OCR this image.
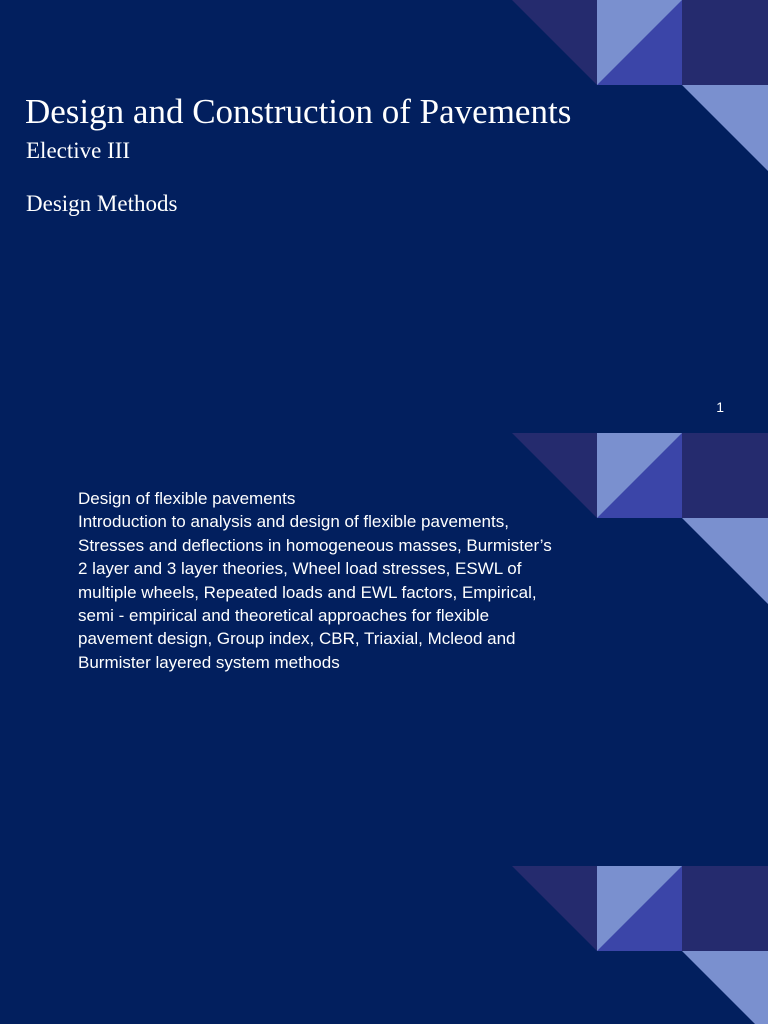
Design and Construction of Pavements
Elective III
Design Methods
1
Design of flexible pavements
Introduction to analysis and design of flexible pavements,
Stresses and deflections in homogeneous masses, Burmister’s
2 layer and 3 layer theories, Wheel load stresses, ESWL of
multiple wheels, Repeated loads and EWL factors, Empirical,
semi - empirical and theoretical approaches for flexible
pavement design, Group index, CBR, Triaxial, Mcleod and
Burmister layered system methods
